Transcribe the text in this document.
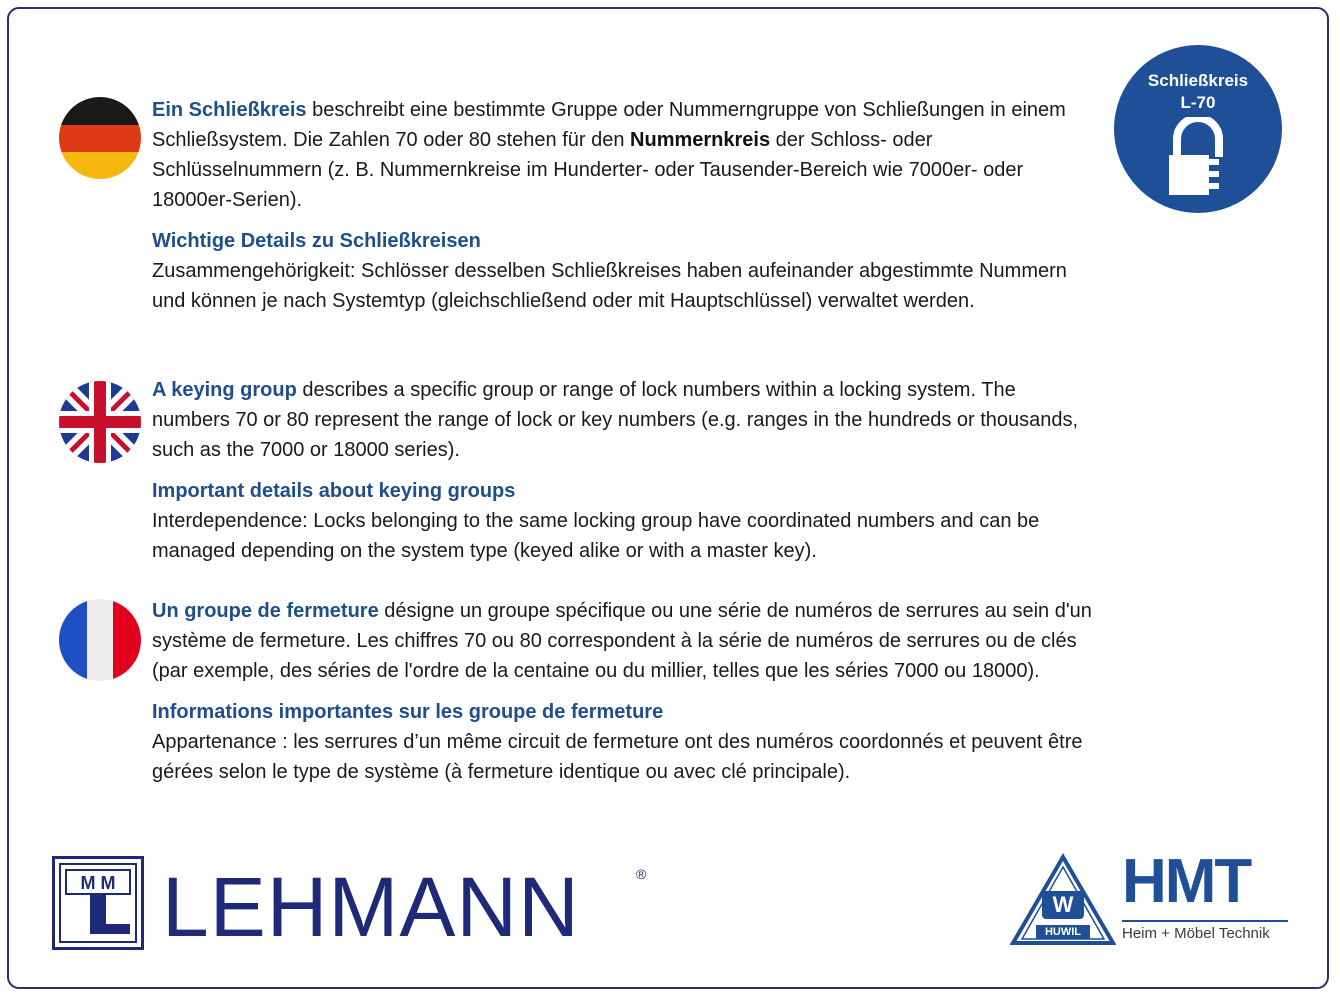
Schließkreis
L-70

Ein Schließkreis beschreibt eine bestimmte Gruppe oder Nummerngruppe von Schließungen in einem Schließsystem. Die Zahlen 70 oder 80 stehen für den Nummernkreis der Schloss- oder Schlüsselnummern (z. B. Nummernkreise im Hunderter- oder Tausender-Bereich wie 7000er- oder 18000er-Serien).

Wichtige Details zu Schließkreisen

Zusammengehörigkeit: Schlösser desselben Schließkreises haben aufeinander abgestimmte Nummern und können je nach Systemtyp (gleichschließend oder mit Hauptschlüssel) verwaltet werden.

A keying group describes a specific group or range of lock numbers within a locking system. The numbers 70 or 80 represent the range of lock or key numbers (e.g. ranges in the hundreds or thousands, such as the 7000 or 18000 series).

Important details about keying groups

Interdependence: Locks belonging to the same locking group have coordinated numbers and can be managed depending on the system type (keyed alike or with a master key).

Un groupe de fermeture désigne un groupe spécifique ou une série de numéros de serrures au sein d'un système de fermeture. Les chiffres 70 ou 80 correspondent à la série de numéros de serrures ou de clés (par exemple, des séries de l'ordre de la centaine ou du millier, telles que les séries 7000 ou 18000).

Informations importantes sur les groupe de fermeture

Appartenance : les serrures d’un même circuit de fermeture ont des numéros coordonnés et peuvent être gérées selon le type de système (à fermeture identique ou avec clé principale).

M M LEHMANN	®
W
HUWIL
HMT
Heim + Möbel Technik
